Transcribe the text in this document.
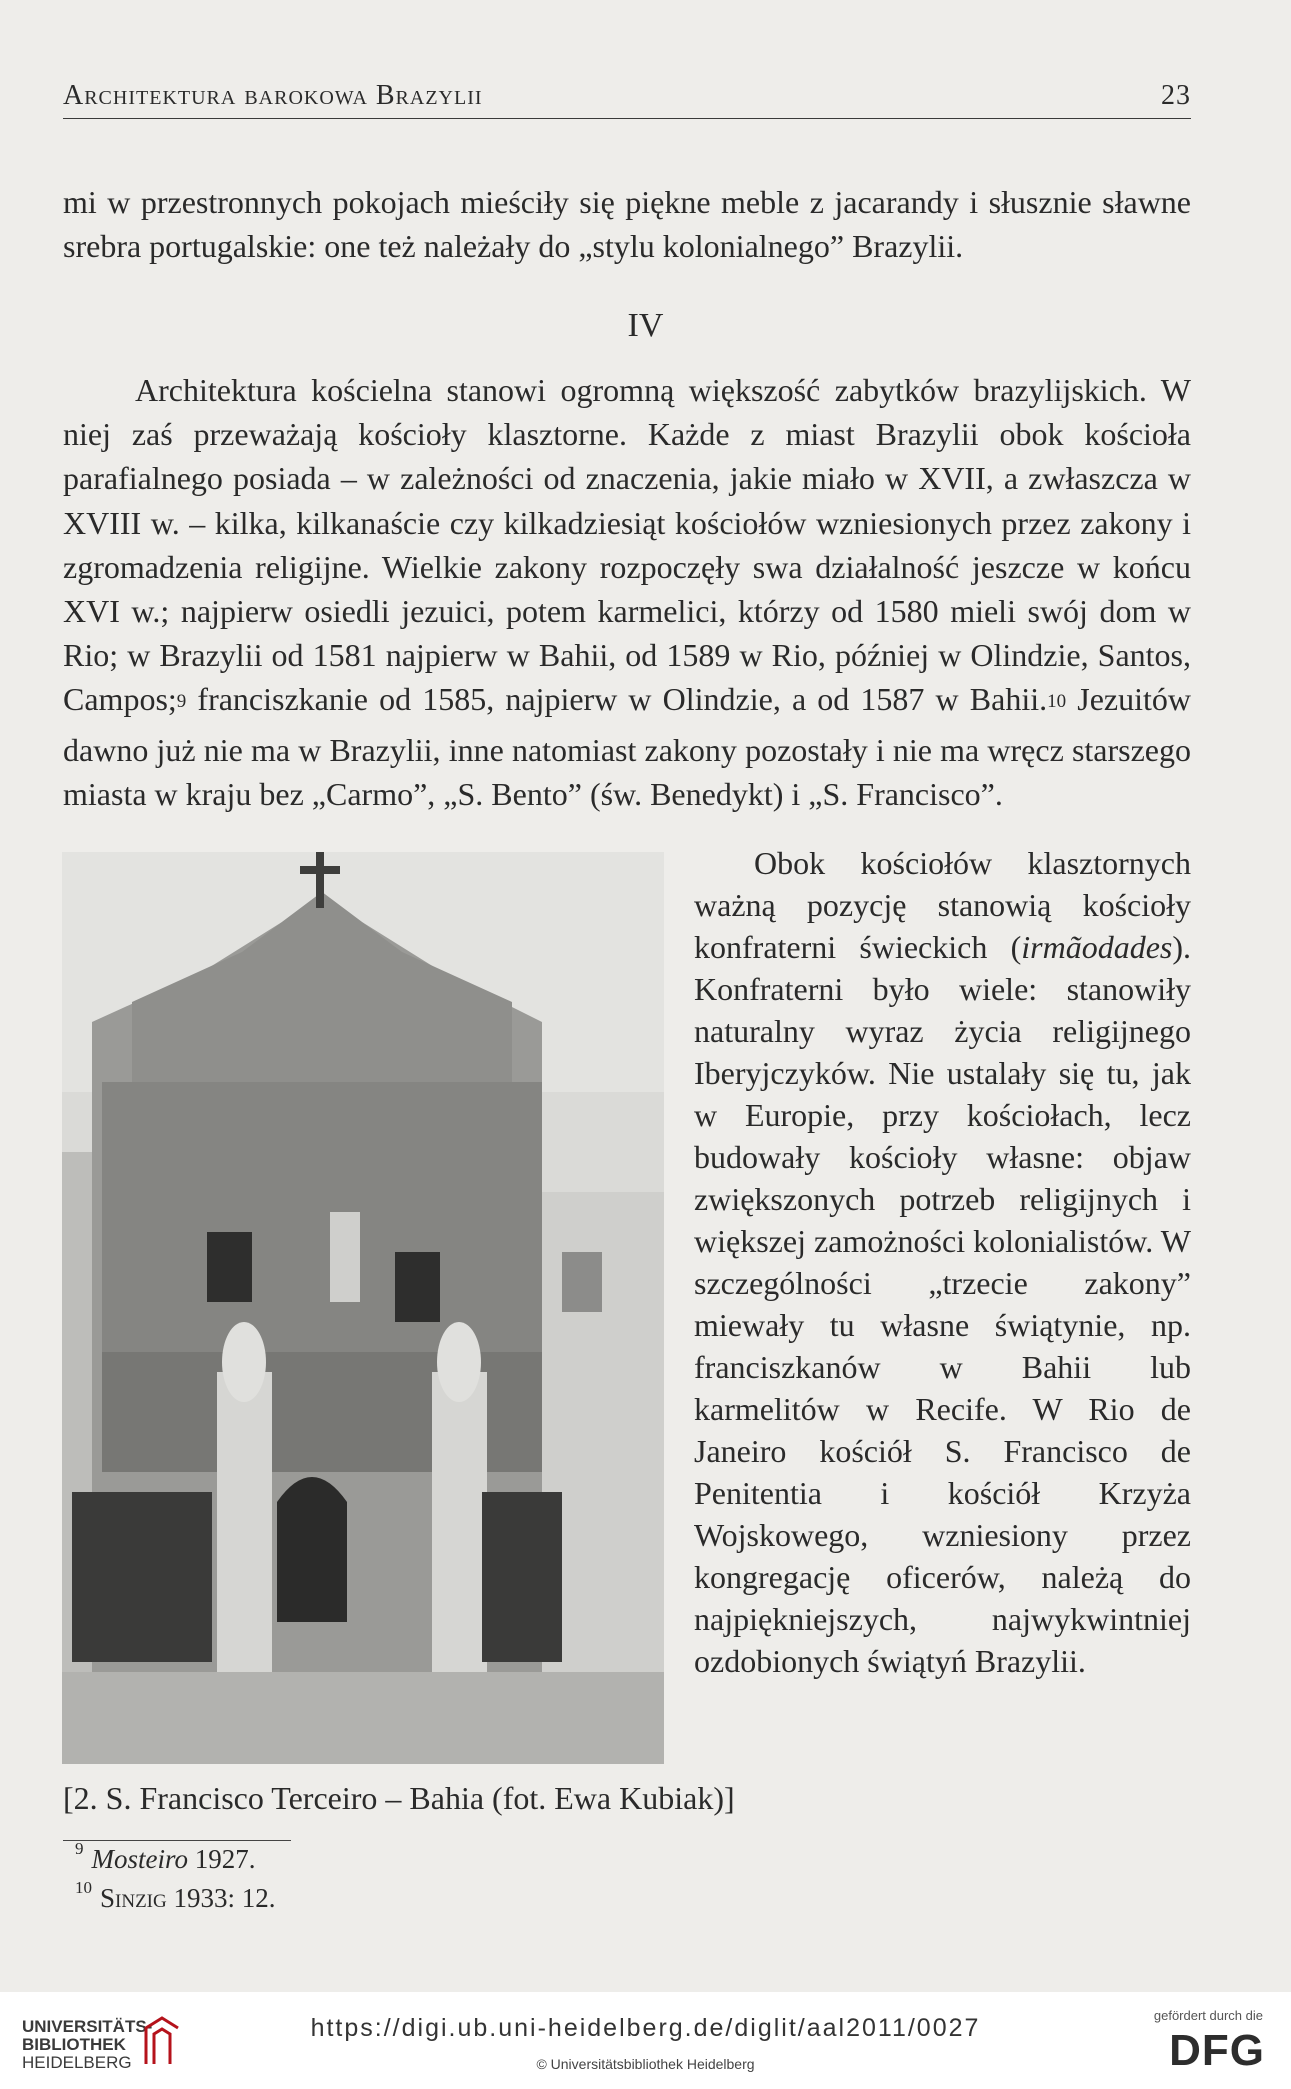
Architektura barokowa Brazylii	23

mi w przestronnych pokojach mieściły się piękne meble z jacarandy i słusznie sławne srebra portugalskie: one też należały do „stylu kolonialnego” Brazylii.

IV

Architektura kościelna stanowi ogromną większość zabytków brazylijskich. W niej zaś przeważają kościoły klasztorne. Każde z miast Brazylii obok kościoła parafialnego posiada – w zależności od znaczenia, jakie miało w XVII, a zwłaszcza w XVIII w. – kilka, kilkanaście czy kilkadziesiąt kościołów wzniesionych przez zakony i zgromadzenia religijne. Wielkie zakony rozpoczęły swa działalność jeszcze w końcu XVI w.; najpierw osiedli jezuici, potem karmelici, którzy od 1580 mieli swój dom w Rio; w Brazylii od 1581 najpierw w Bahii, od 1589 w Rio, później w Olindzie, Santos, Campos;$^9$ franciszkanie od 1585, najpierw w Olindzie, a od 1587 w Bahii.$^{10}$ Jezuitów dawno już nie ma w Brazylii, inne natomiast zakony pozostały i nie ma wręcz starszego miasta w kraju bez „Carmo”, „S. Bento” (św. Benedykt) i „S. Francisco”.

Obok kościołów klasztornych ważną pozycję stanowią kościoły konfraterni świeckich (irmãodades). Konfraterni było wiele: stanowiły naturalny wyraz życia religijnego Iberyjczyków. Nie ustalały się tu, jak w Europie, przy kościołach, lecz budowały kościoły własne: objaw zwiększonych potrzeb religijnych i większej zamożności kolonialistów. W szczególności „trzecie zakony” miewały tu własne świątynie, np. franciszkanów w Bahii lub karmelitów w Recife. W Rio de Janeiro kościół S. Francisco de Penitentia i kościół Krzyża Wojskowego, wzniesiony przez kongregację oficerów, należą do najpiękniejszych, najwykwintniej ozdobionych świątyń Brazylii.

[2. S. Francisco Terceiro – Bahia (fot. Ewa Kubiak)]
$^9$ Mosteiro 1927.
$^{10}$ Sinzig 1933: 12.
UNIVERSITÄTS-
BIBLIOTHEK
HEIDELBERG
https://digi.ub.uni-heidelberg.de/diglit/aal2011/0027
© Universitätsbibliothek Heidelberg
gefördert durch die
DFG
